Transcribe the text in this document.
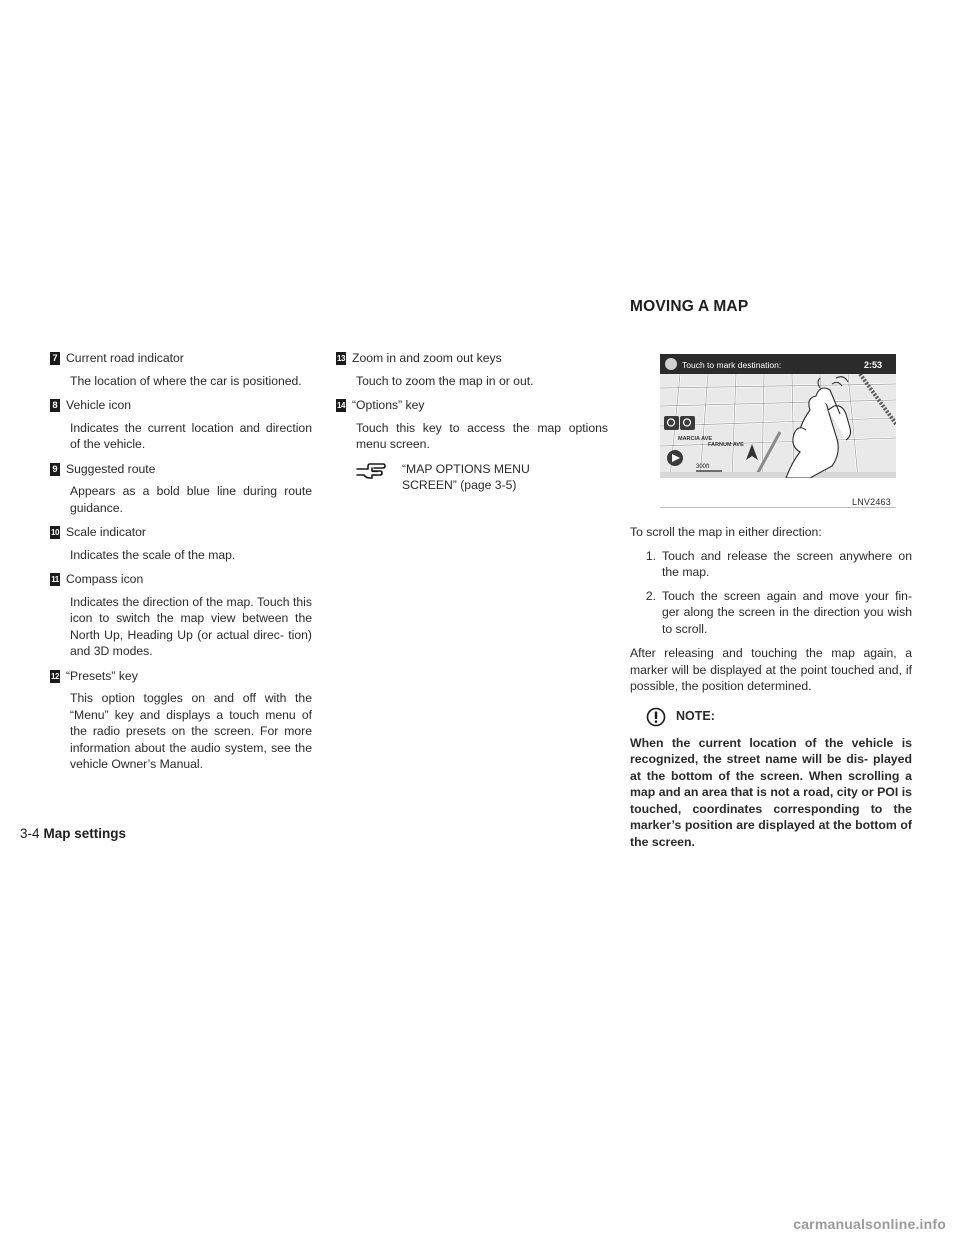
MOVING A MAP
7 Current road indicator
The location of where the car is positioned.
8 Vehicle icon
Indicates the current location and direction of the vehicle.
9 Suggested route
Appears as a bold blue line during route guidance.
10 Scale indicator
Indicates the scale of the map.
11 Compass icon
Indicates the direction of the map. Touch this icon to switch the map view between the North Up, Heading Up (or actual direc- tion) and 3D modes.
12 “Presets” key
This option toggles on and off with the “Menu” key and displays a touch menu of the radio presets on the screen. For more information about the audio system, see the vehicle Owner’s Manual.
13 Zoom in and zoom out keys
Touch to zoom the map in or out.
14 “Options” key
Touch this key to access the map options menu screen.
“MAP OPTIONS MENU
SCREEN” (page 3-5)
Touch to mark destination:	2:53
MARCIA AVE
FARNUM AVE
300ft
LNV2463
To scroll the map in either direction:
1. Touch and release the screen anywhere on the map.
2. Touch the screen again and move your fin- ger along the screen in the direction you wish to scroll.
After releasing and touching the map again, a marker will be displayed at the point touched and, if possible, the position determined.
NOTE:
When the current location of the vehicle is recognized, the street name will be dis- played at the bottom of the screen. When scrolling a map and an area that is not a road, city or POI is touched, coordinates corresponding to the marker’s position are displayed at the bottom of the screen.
3-4 Map settings
carmanualsonline.info
